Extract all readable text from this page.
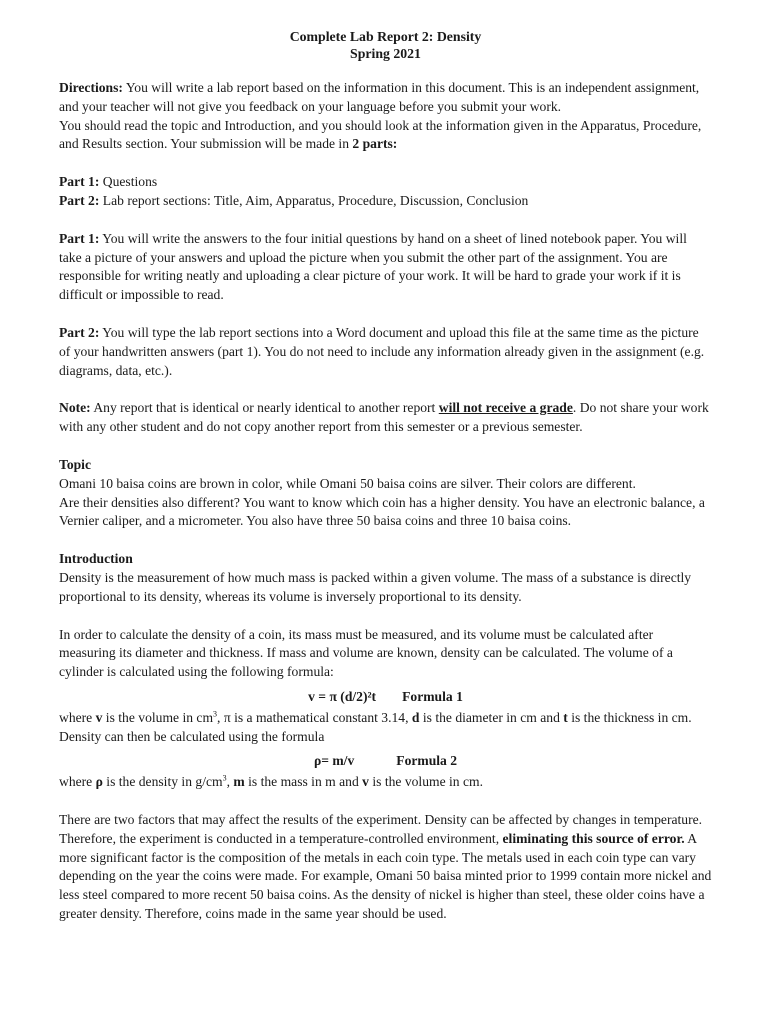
Complete Lab Report 2: Density
Spring 2021

Directions: You will write a lab report based on the information in this document. This is an independent assignment, and your teacher will not give you feedback on your language before you submit your work.

You should read the topic and Introduction, and you should look at the information given in the Apparatus, Procedure, and Results section. Your submission will be made in 2 parts:

Part 1: Questions

Part 2: Lab report sections: Title, Aim, Apparatus, Procedure, Discussion, Conclusion

Part 1: You will write the answers to the four initial questions by hand on a sheet of lined notebook paper. You will take a picture of your answers and upload the picture when you submit the other part of the assignment. You are responsible for writing neatly and uploading a clear picture of your work. It will be hard to grade your work if it is difficult or impossible to read.

Part 2: You will type the lab report sections into a Word document and upload this file at the same time as the picture of your handwritten answers (part 1). You do not need to include any information already given in the assignment (e.g. diagrams, data, etc.).

Note: Any report that is identical or nearly identical to another report will not receive a grade. Do not share your work with any other student and do not copy another report from this semester or a previous semester.

Topic

Omani 10 baisa coins are brown in color, while Omani 50 baisa coins are silver. Their colors are different.

Are their densities also different? You want to know which coin has a higher density. You have an electronic balance, a Vernier caliper, and a micrometer. You also have three 50 baisa coins and three 10 baisa coins.

Introduction

Density is the measurement of how much mass is packed within a given volume. The mass of a substance is directly proportional to its density, whereas its volume is inversely proportional to its density.

In order to calculate the density of a coin, its mass must be measured, and its volume must be calculated after measuring its diameter and thickness. If mass and volume are known, density can be calculated. The volume of a cylinder is calculated using the following formula:

v = π (d/2)²t Formula 1

where v is the volume in $cm^3$, π is a mathematical constant 3.14, d is the diameter in cm and t is the thickness in cm. Density can then be calculated using the formula

ρ= m/v	Formula 2

where ρ is the density in $g/cm^3$, m is the mass in m and v is the volume in cm.

There are two factors that may affect the results of the experiment. Density can be affected by changes in temperature. Therefore, the experiment is conducted in a temperature-controlled environment, eliminating this source of error. A more significant factor is the composition of the metals in each coin type. The metals used in each coin type can vary depending on the year the coins were made. For example, Omani 50 baisa minted prior to 1999 contain more nickel and less steel compared to more recent 50 baisa coins. As the density of nickel is higher than steel, these older coins have a greater density. Therefore, coins made in the same year should be used.
